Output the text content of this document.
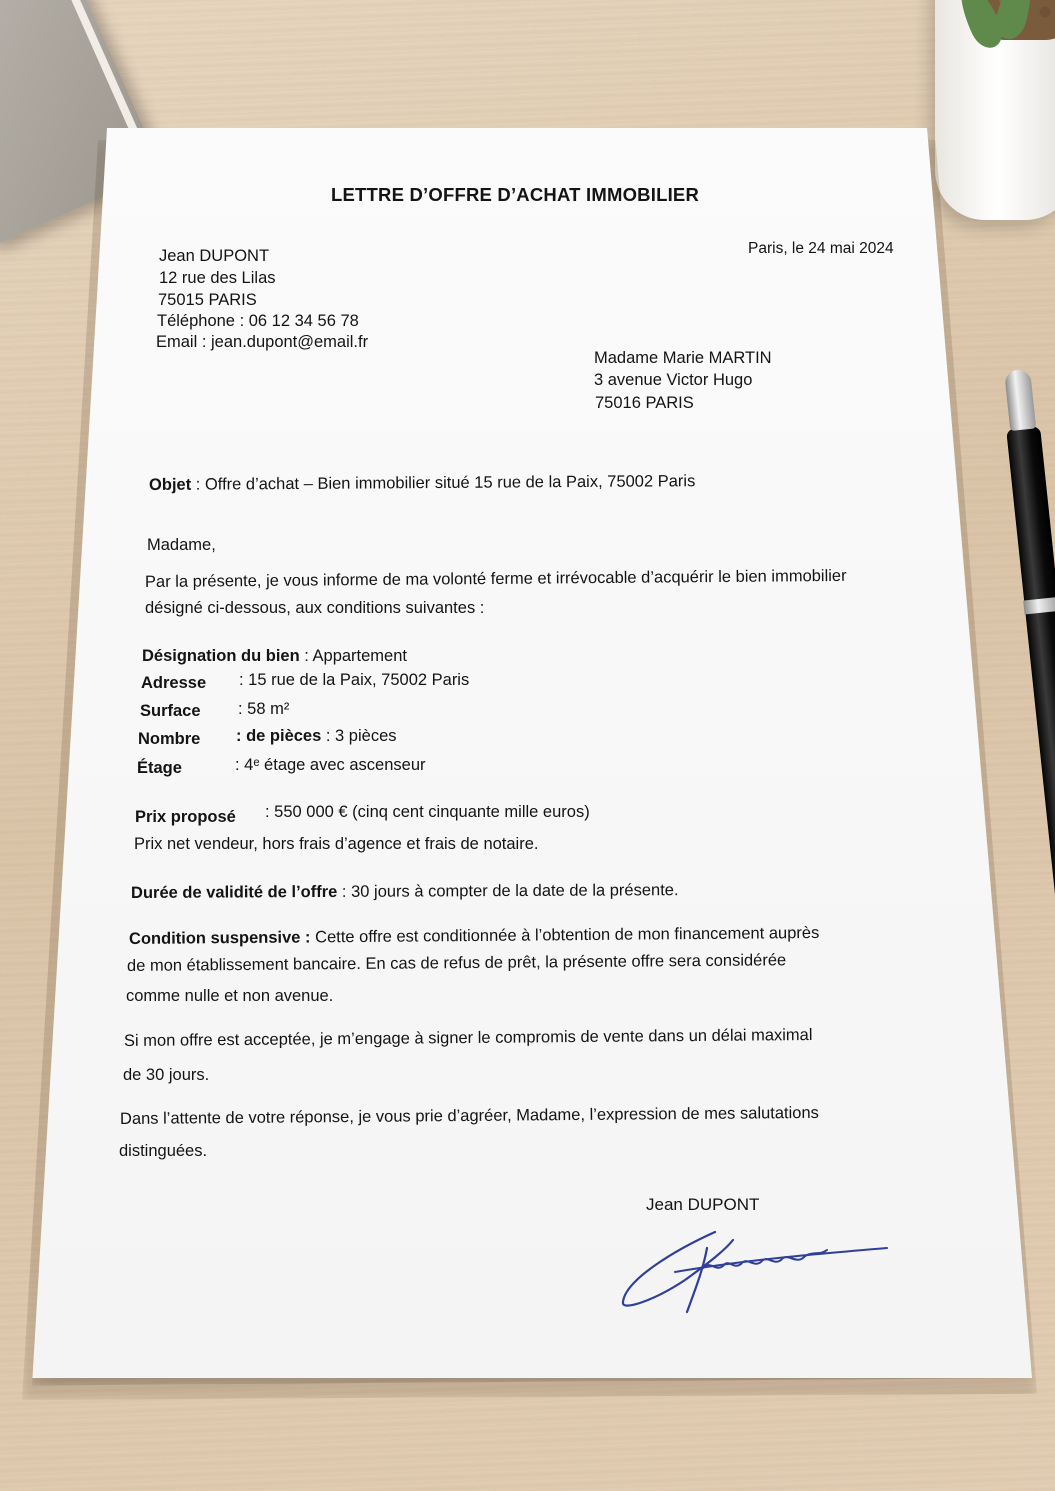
LETTRE D’OFFRE D’ACHAT IMMOBILIER
Jean DUPONT
12 rue des Lilas
75015 PARIS
Téléphone : 06 12 34 56 78
Email : jean.dupont@email.fr
Paris, le 24 mai 2024
Madame Marie MARTIN
3 avenue Victor Hugo
75016 PARIS
Objet : Offre d’achat – Bien immobilier situé 15 rue de la Paix, 75002 Paris
Madame,
Par la présente, je vous informe de ma volonté ferme et irrévocable d’acquérir le bien immobilier
désigné ci-dessous, aux conditions suivantes :
Désignation du bien : Appartement
Adresse : 15 rue de la Paix, 75002 Paris
Surface : 58 m²
Nombre : de pièces : 3 pièces
Étage	: 4ᵉ étage avec ascenseur
Prix proposé : 550 000 € (cinq cent cinquante mille euros)
Prix net vendeur, hors frais d’agence et frais de notaire.
Durée de validité de l’offre : 30 jours à compter de la date de la présente.
Condition suspensive : Cette offre est conditionnée à l’obtention de mon financement auprès
de mon établissement bancaire. En cas de refus de prêt, la présente offre sera considérée
comme nulle et non avenue.
Si mon offre est acceptée, je m’engage à signer le compromis de vente dans un délai maximal
de 30 jours.
Dans l’attente de votre réponse, je vous prie d’agréer, Madame, l’expression de mes salutations
distinguées.
Jean DUPONT
